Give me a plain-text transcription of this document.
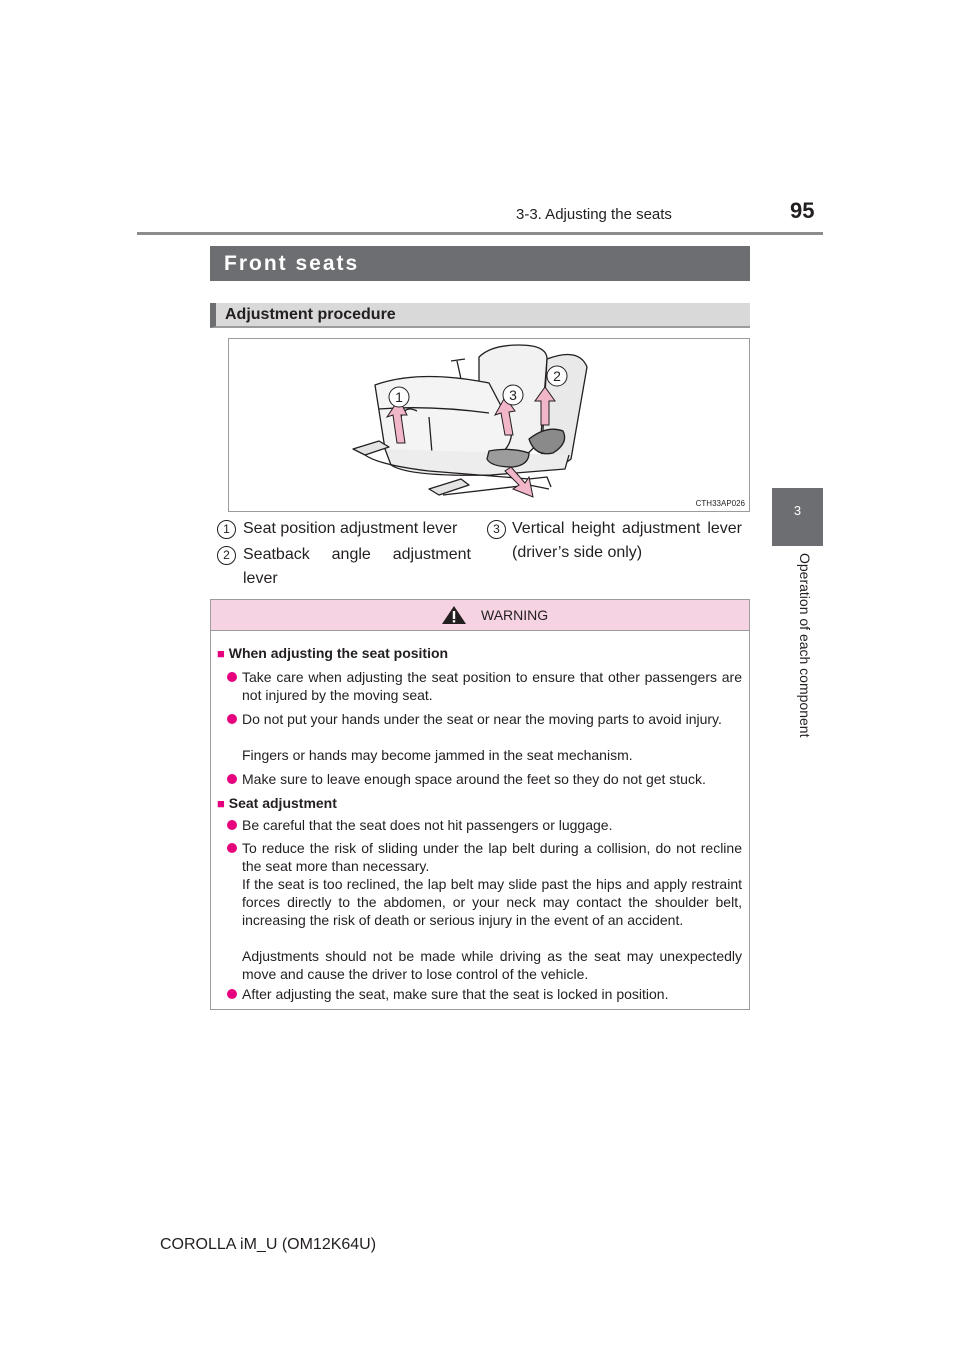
3-3. Adjusting the seats	95
3
Operation of each component
Front seats
Adjustment procedure
1	3
2
CTH33AP026
1 Seat position adjustment lever
2 Seatback angle adjustment lever
3 Vertical height adjustment lever (driver’s side only)
WARNING
■ When adjusting the seat position
Take care when adjusting the seat position to ensure that other passengers are not injured by the moving seat.
Do not put your hands under the seat or near the moving parts to avoid injury.
Fingers or hands may become jammed in the seat mechanism.
Make sure to leave enough space around the feet so they do not get stuck.
■ Seat adjustment
Be careful that the seat does not hit passengers or luggage.
To reduce the risk of sliding under the lap belt during a collision, do not recline the seat more than necessary.
If the seat is too reclined, the lap belt may slide past the hips and apply restraint forces directly to the abdomen, or your neck may contact the shoulder belt, increasing the risk of death or serious injury in the event of an accident.
Adjustments should not be made while driving as the seat may unexpectedly move and cause the driver to lose control of the vehicle.
After adjusting the seat, make sure that the seat is locked in position.
COROLLA iM_U (OM12K64U)
